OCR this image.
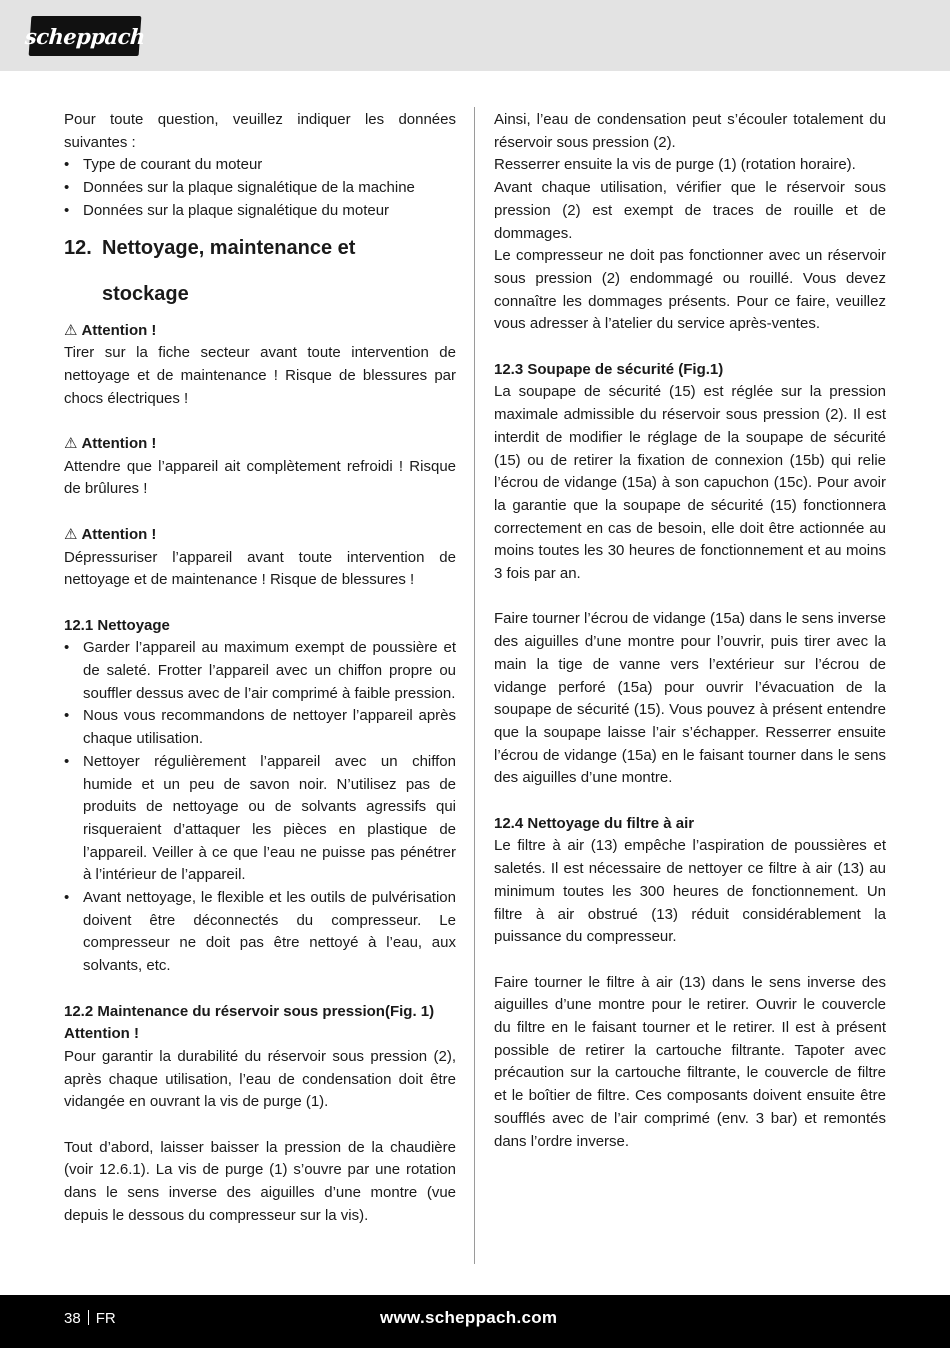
scheppach

Pour toute question, veuillez indiquer les données suivantes :

• Type de courant du moteur
• Données sur la plaque signalétique de la machine
• Données sur la plaque signalétique du moteur
12. Nettoyage, maintenance et
stockage
⚠ Attention !

Tirer sur la fiche secteur avant toute intervention de nettoyage et de maintenance ! Risque de blessures par chocs électriques !

⚠ Attention !

Attendre que l’appareil ait complètement refroidi ! Risque de brûlures !

⚠ Attention !

Dépressuriser l’appareil avant toute intervention de nettoyage et de maintenance ! Risque de blessures !

12.1 Nettoyage
• Garder l’appareil au maximum exempt de poussière et de saleté. Frotter l’appareil avec un chiffon propre ou souffler dessus avec de l’air comprimé à faible pression.
• Nous vous recommandons de nettoyer l’appareil après chaque utilisation.
• Nettoyer régulièrement l’appareil avec un chiffon humide et un peu de savon noir. N’utilisez pas de produits de nettoyage ou de solvants agressifs qui risqueraient d’attaquer les pièces en plastique de l’appareil. Veiller à ce que l’eau ne puisse pas pénétrer à l’intérieur de l’appareil.
• Avant nettoyage, le flexible et les outils de pulvérisation doivent être déconnectés du compresseur. Le compresseur ne doit pas être nettoyé à l’eau, aux solvants, etc.
12.2 Maintenance du réservoir sous pression(Fig. 1)
Attention !

Pour garantir la durabilité du réservoir sous pression (2), après chaque utilisation, l’eau de condensation doit être vidangée en ouvrant la vis de purge (1).

Tout d’abord, laisser baisser la pression de la chaudière (voir 12.6.1). La vis de purge (1) s’ouvre par une rotation dans le sens inverse des aiguilles d’une montre (vue depuis le dessous du compresseur sur la vis).

Ainsi, l’eau de condensation peut s’écouler totalement du réservoir sous pression (2).

Resserrer ensuite la vis de purge (1) (rotation horaire).

Avant chaque utilisation, vérifier que le réservoir sous pression (2) est exempt de traces de rouille et de dommages.

Le compresseur ne doit pas fonctionner avec un réservoir sous pression (2) endommagé ou rouillé. Vous devez connaître les dommages présents. Pour ce faire, veuillez vous adresser à l’atelier du service après-ventes.

12.3 Soupape de sécurité (Fig.1)

La soupape de sécurité (15) est réglée sur la pression maximale admissible du réservoir sous pression (2). Il est interdit de modifier le réglage de la soupape de sécurité (15) ou de retirer la fixation de connexion (15b) qui relie l’écrou de vidange (15a) à son capuchon (15c). Pour avoir la garantie que la soupape de sécurité (15) fonctionnera correctement en cas de besoin, elle doit être actionnée au moins toutes les 30 heures de fonctionnement et au moins 3 fois par an.

Faire tourner l’écrou de vidange (15a) dans le sens inverse des aiguilles d’une montre pour l’ouvrir, puis tirer avec la main la tige de vanne vers l’extérieur sur l’écrou de vidange perforé (15a) pour ouvrir l’évacuation de la soupape de sécurité (15). Vous pouvez à présent entendre que la soupape laisse l’air s’échapper. Resserrer ensuite l’écrou de vidange (15a) en le faisant tourner dans le sens des aiguilles d’une montre.

12.4 Nettoyage du filtre à air

Le filtre à air (13) empêche l’aspiration de poussières et saletés. Il est nécessaire de nettoyer ce filtre à air (13) au minimum toutes les 300 heures de fonctionnement. Un filtre à air obstrué (13) réduit considérablement la puissance du compresseur.

Faire tourner le filtre à air (13) dans le sens inverse des aiguilles d’une montre pour le retirer. Ouvrir le couvercle du filtre en le faisant tourner et le retirer. Il est à présent possible de retirer la cartouche filtrante. Tapoter avec précaution sur la cartouche filtrante, le couvercle de filtre et le boîtier de filtre. Ces composants doivent ensuite être soufflés avec de l’air comprimé (env. 3 bar) et remontés dans l’ordre inverse.

38 FR	www.scheppach.com
